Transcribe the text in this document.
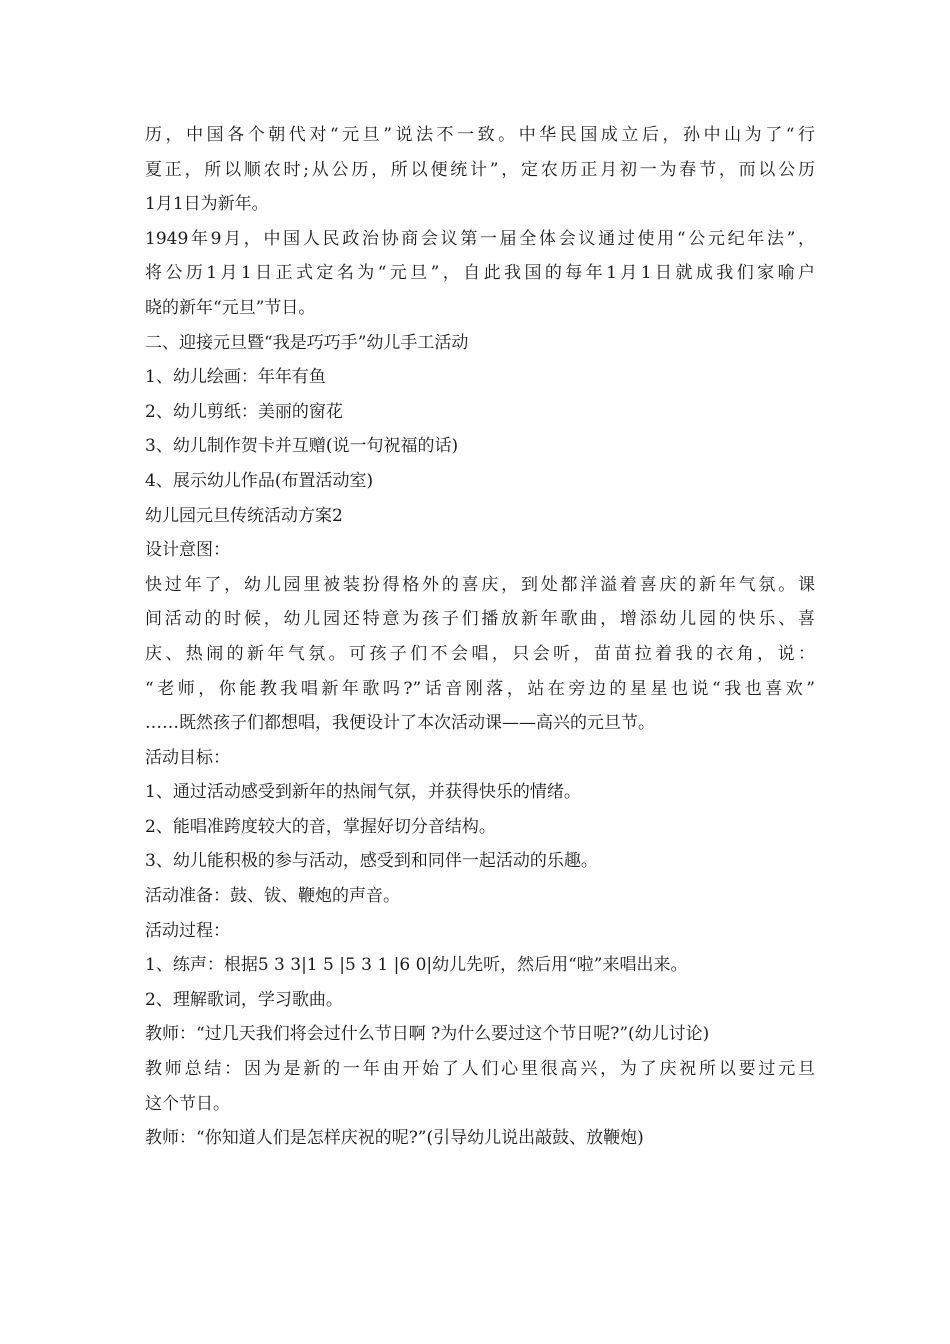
历，中国各个朝代对“元旦”说法不一致。中华民国成立后，孙中山为了“行
夏正，所以顺农时;从公历，所以便统计”，定农历正月初一为春节，而以公历
1月1日为新年。
1949年9月，中国人民政治协商会议第一届全体会议通过使用“公元纪年法”，
将公历1月1日正式定名为“元旦”，自此我国的每年1月1日就成我们家喻户
晓的新年“元旦”节日。
二、迎接元旦暨“我是巧巧手”幼儿手工活动
1、幼儿绘画：年年有鱼
2、幼儿剪纸：美丽的窗花
3、幼儿制作贺卡并互赠(说一句祝福的话)
4、展示幼儿作品(布置活动室)
幼儿园元旦传统活动方案2
设计意图：
快过年了，幼儿园里被装扮得格外的喜庆，到处都洋溢着喜庆的新年气氛。课
间活动的时候，幼儿园还特意为孩子们播放新年歌曲，增添幼儿园的快乐、喜
庆、热闹的新年气氛。可孩子们不会唱，只会听，苗苗拉着我的衣角，说：
“老师，你能教我唱新年歌吗?”话音刚落，站在旁边的星星也说“我也喜欢”
……既然孩子们都想唱，我便设计了本次活动课——高兴的元旦节。
活动目标：
1、通过活动感受到新年的热闹气氛，并获得快乐的情绪。
2、能唱准跨度较大的音，掌握好切分音结构。
3、幼儿能积极的参与活动，感受到和同伴一起活动的乐趣。
活动准备：鼓、钹、鞭炮的声音。
活动过程：
1、练声：根据5 3 3|1 5 |5 3 1 |6 0|幼儿先听，然后用“啦”来唱出来。
2、理解歌词，学习歌曲。
教师：“过几天我们将会过什么节日啊 ?为什么要过这个节日呢?”(幼儿讨论)
教师总结：因为是新的一年由开始了人们心里很高兴，为了庆祝所以要过元旦
这个节日。
教师：“你知道人们是怎样庆祝的呢?”(引导幼儿说出敲鼓、放鞭炮)
